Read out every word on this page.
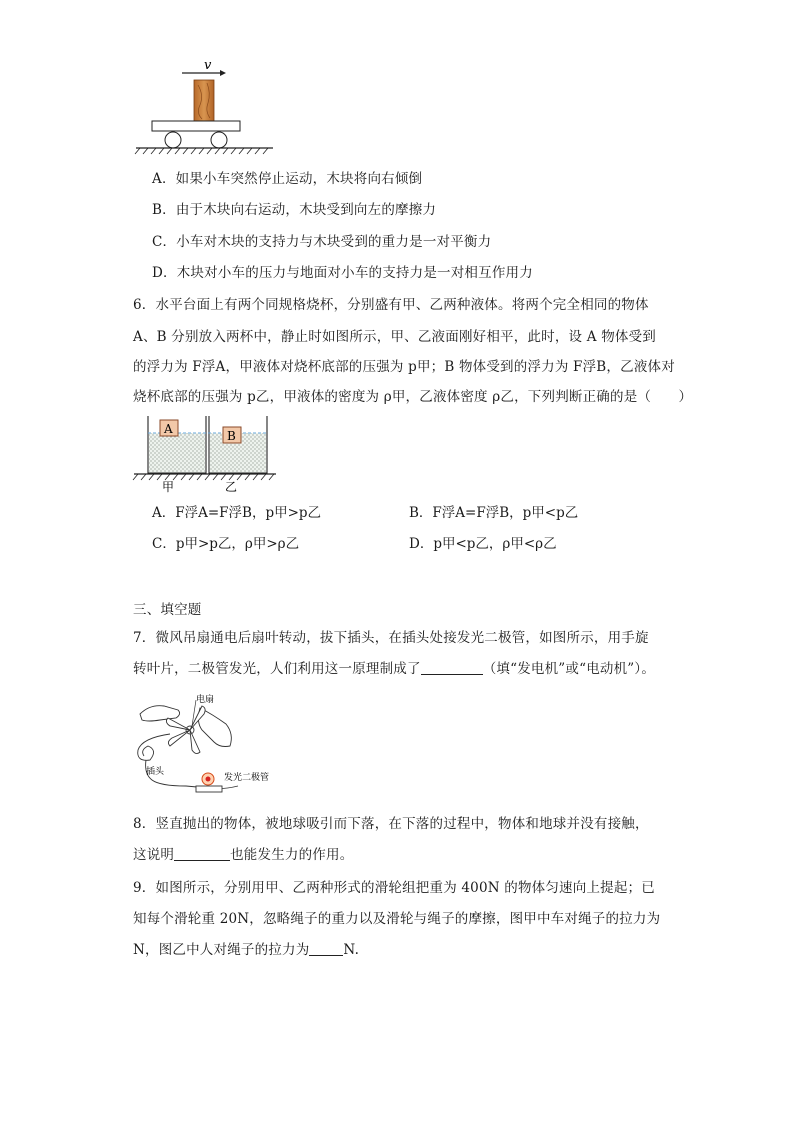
v
A．如果小车突然停止运动，木块将向右倾倒
B．由于木块向右运动，木块受到向左的摩擦力
C．小车对木块的支持力与木块受到的重力是一对平衡力
D．木块对小车的压力与地面对小车的支持力是一对相互作用力
6．水平台面上有两个同规格烧杯，分别盛有甲、乙两种液体。将两个完全相同的物体
A、B 分别放入两杯中，静止时如图所示，甲、乙液面刚好相平，此时，设 A 物体受到
的浮力为 F浮A，甲液体对烧杯底部的压强为 p甲；B 物体受到的浮力为 F浮B，乙液体对
烧杯底部的压强为 p乙，甲液体的密度为 ρ甲，乙液体密度 ρ乙，下列判断正确的是（　　）
A	B
甲	乙
A．F浮A=F浮B，p甲>p乙	B．F浮A=F浮B，p甲<p乙
C．p甲>p乙，ρ甲>ρ乙	D．p甲<p乙，ρ甲<ρ乙
三、填空题
7．微风吊扇通电后扇叶转动，拔下插头，在插头处接发光二极管，如图所示，用手旋
转叶片，二极管发光，人们利用这一原理制成了	（填“发电机”或“电动机”）。
电扇
插头
发光二极管
8．竖直抛出的物体，被地球吸引而下落，在下落的过程中，物体和地球并没有接触，
这说明	也能发生力的作用。
9．如图所示，分别用甲、乙两种形式的滑轮组把重为 400N 的物体匀速向上提起；已
知每个滑轮重 20N，忽略绳子的重力以及滑轮与绳子的摩擦，图甲中车对绳子的拉力为
N，图乙中人对绳子的拉力为	N.
